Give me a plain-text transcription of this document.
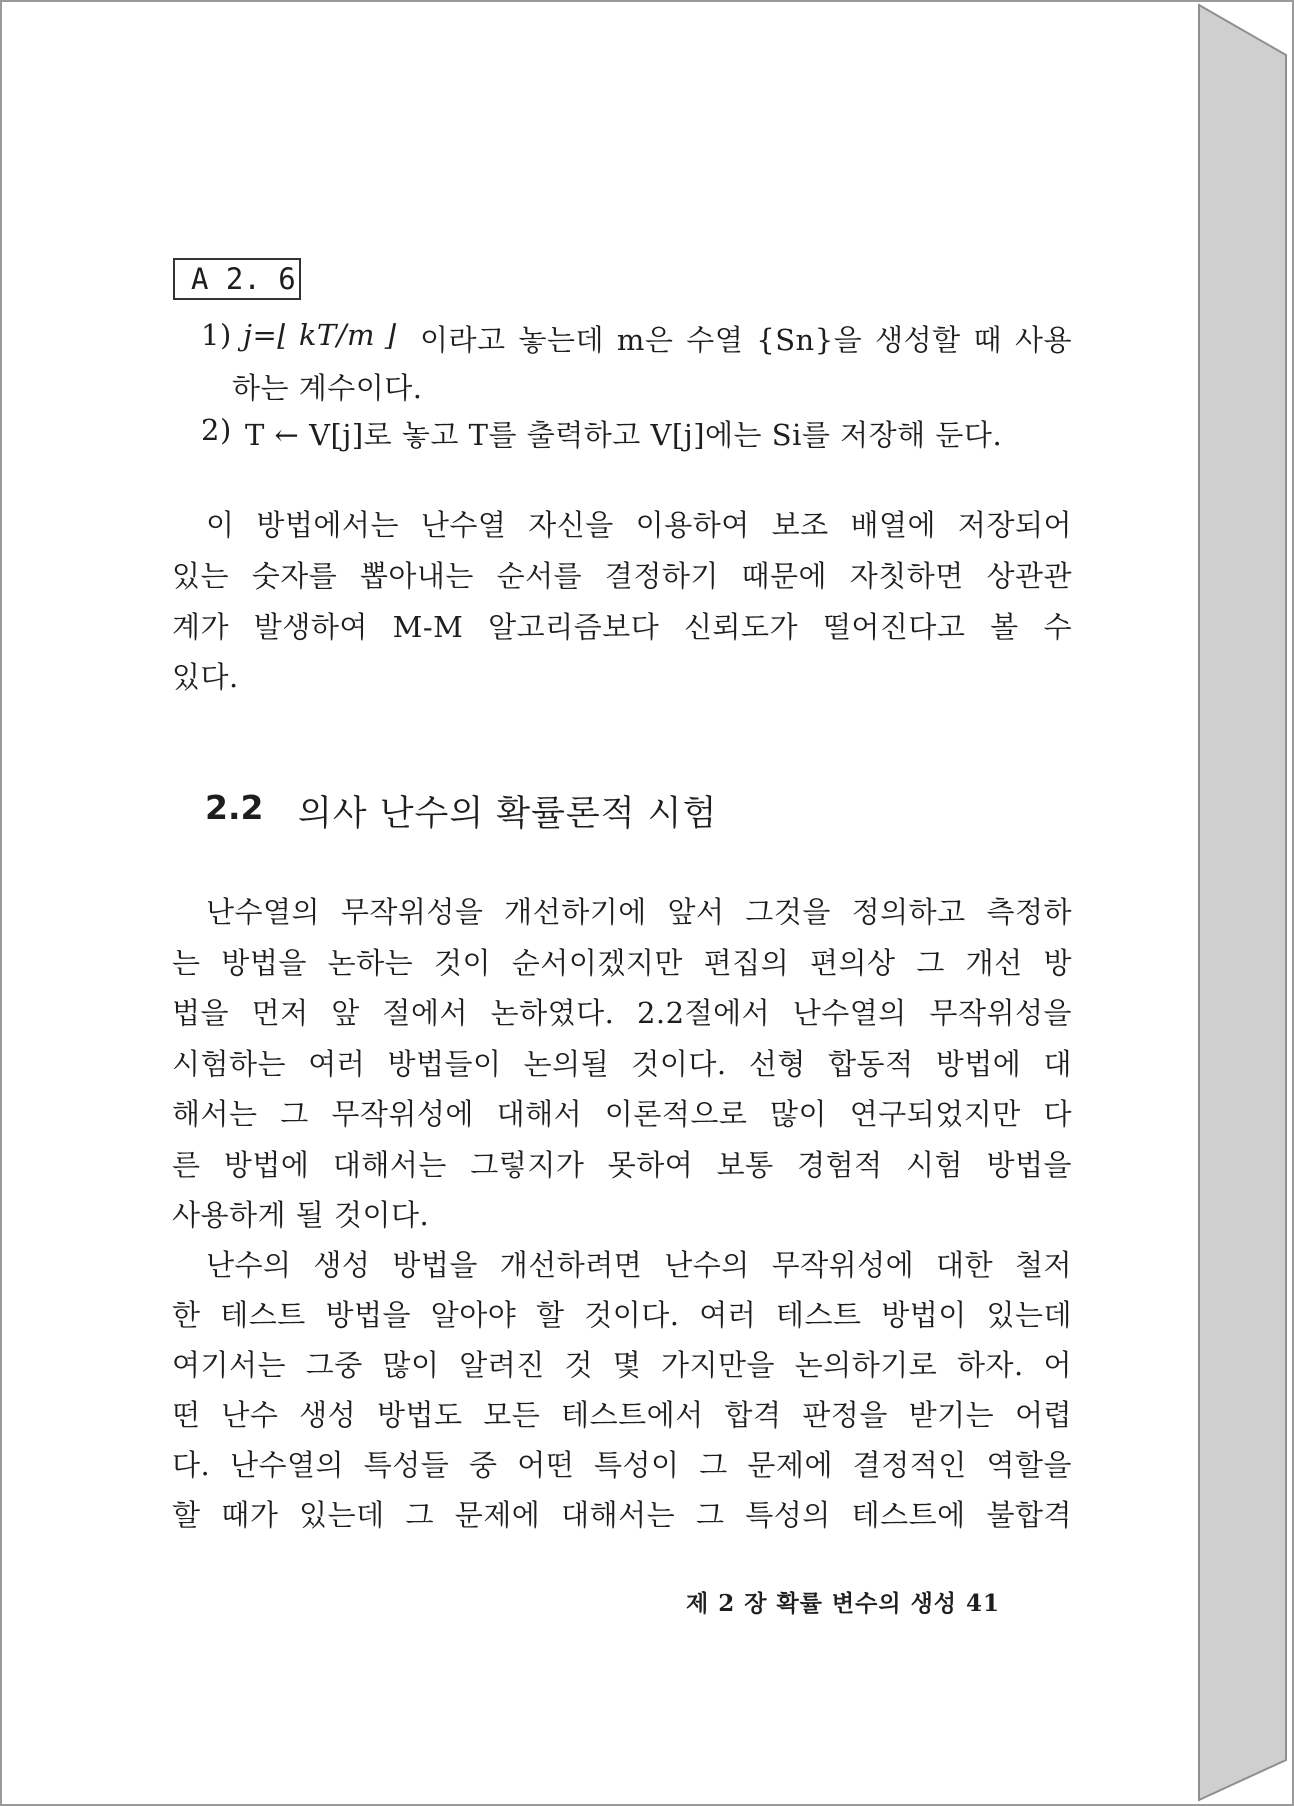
A 2. 6
1) j=⌊ kT/m ⌋ 이라고 놓는데 m은 수열 {Sn}을 생성할 때 사용
하는 계수이다.
2) T ← V[j]로 놓고 T를 출력하고 V[j]에는 Si를 저장해 둔다.
이 방법에서는 난수열 자신을 이용하여 보조 배열에 저장되어
있는 숫자를 뽑아내는 순서를 결정하기 때문에 자칫하면 상관관
계가 발생하여 M-M 알고리즘보다 신뢰도가 떨어진다고 볼 수
있다.
2.2 의사 난수의 확률론적 시험
난수열의 무작위성을 개선하기에 앞서 그것을 정의하고 측정하
는 방법을 논하는 것이 순서이겠지만 편집의 편의상 그 개선 방
법을 먼저 앞 절에서 논하였다. 2.2절에서 난수열의 무작위성을
시험하는 여러 방법들이 논의될 것이다. 선형 합동적 방법에 대
해서는 그 무작위성에 대해서 이론적으로 많이 연구되었지만 다
른 방법에 대해서는 그렇지가 못하여 보통 경험적 시험 방법을
사용하게 될 것이다.
난수의 생성 방법을 개선하려면 난수의 무작위성에 대한 철저
한 테스트 방법을 알아야 할 것이다. 여러 테스트 방법이 있는데
여기서는 그중 많이 알려진 것 몇 가지만을 논의하기로 하자. 어
떤 난수 생성 방법도 모든 테스트에서 합격 판정을 받기는 어렵
다. 난수열의 특성들 중 어떤 특성이 그 문제에 결정적인 역할을
할 때가 있는데 그 문제에 대해서는 그 특성의 테스트에 불합격
제 2 장 확률 변수의 생성 41
